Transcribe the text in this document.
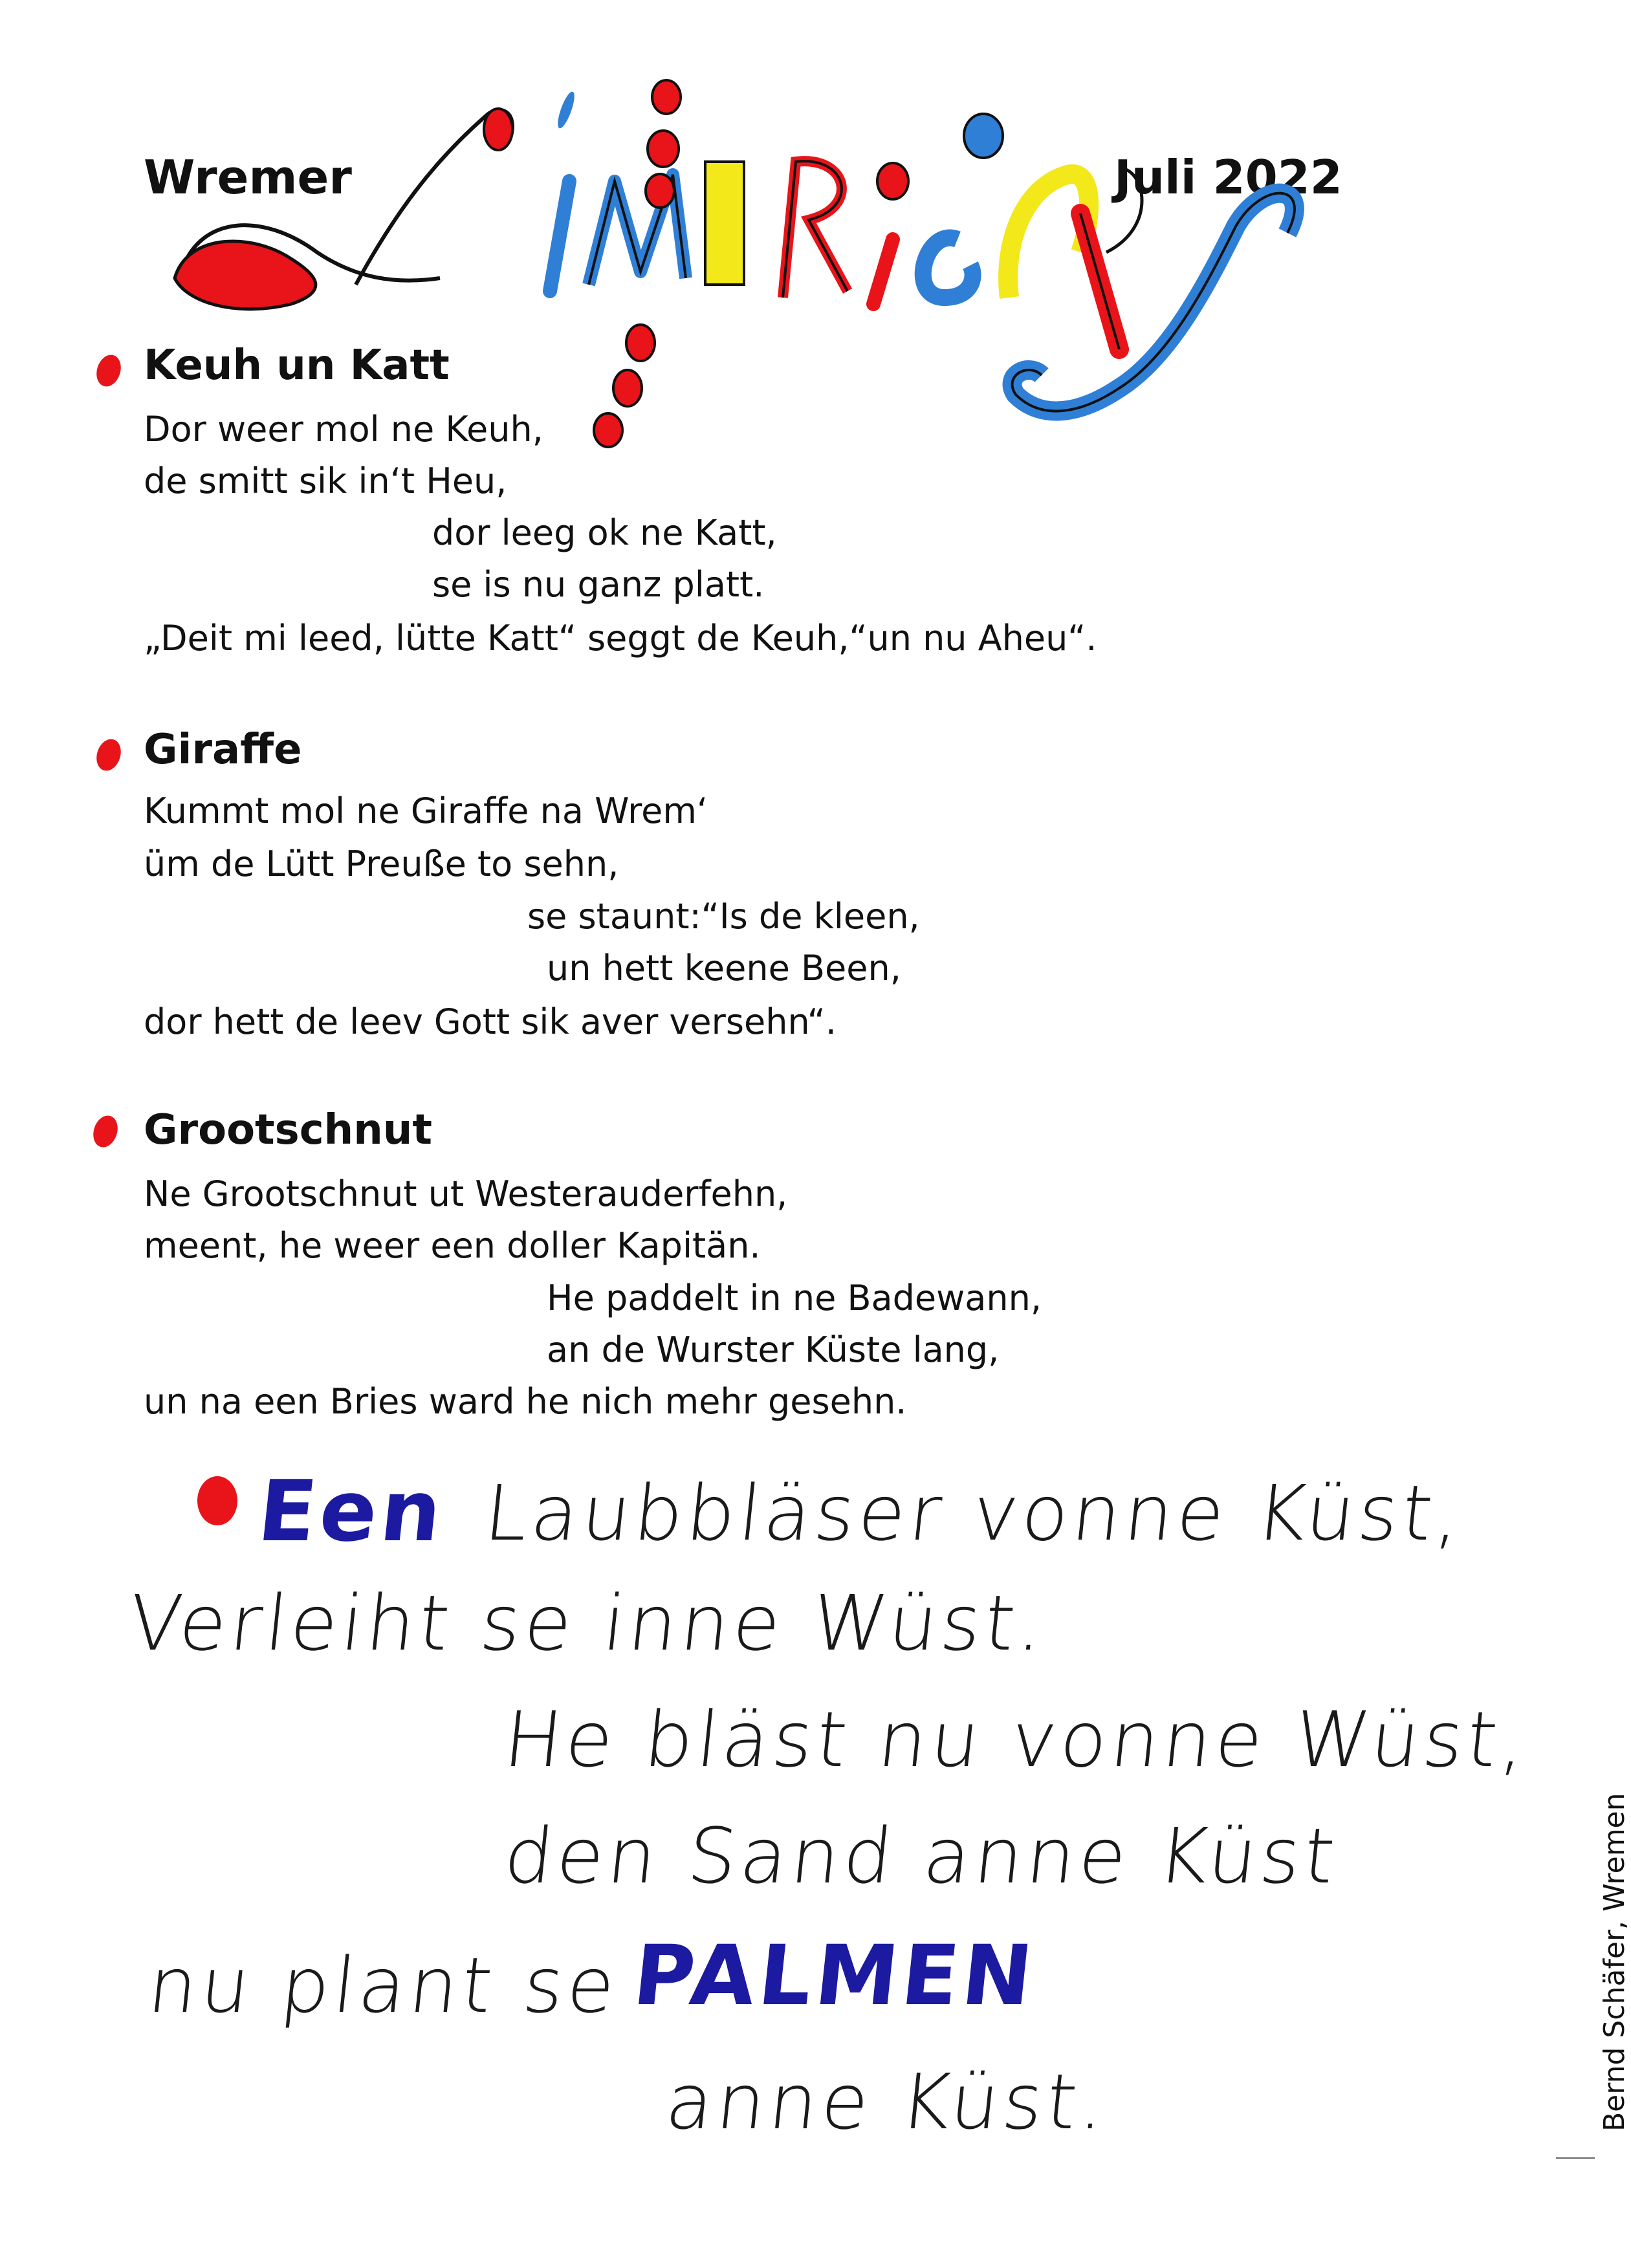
Wremer	Juli 2022
Keuh un Katt
Dor weer mol ne Keuh,
de smitt sik in‘t Heu,
dor leeg ok ne Katt,
se is nu ganz platt.
„Deit mi leed, lütte Katt“ seggt de Keuh,“un nu Aheu“.
Giraffe
Kummt mol ne Giraffe na Wrem‘
üm de Lütt Preuße to sehn,
se staunt:“Is de kleen,
un hett keene Been,
dor hett de leev Gott sik aver versehn“.
Grootschnut
Ne Grootschnut ut Westerauderfehn,
meent, he weer een doller Kapitän.
He paddelt in ne Badewann,
an de Wurster Küste lang,
un na een Bries ward he nich mehr gesehn.
Een Laubbläser vonne Küst,
Verleiht se inne Wüst.
He bläst nu vonne Wüst,
den Sand anne Küst
nu plant se PALMEN
anne Küst.	Bernd Schäfer, Wremen
